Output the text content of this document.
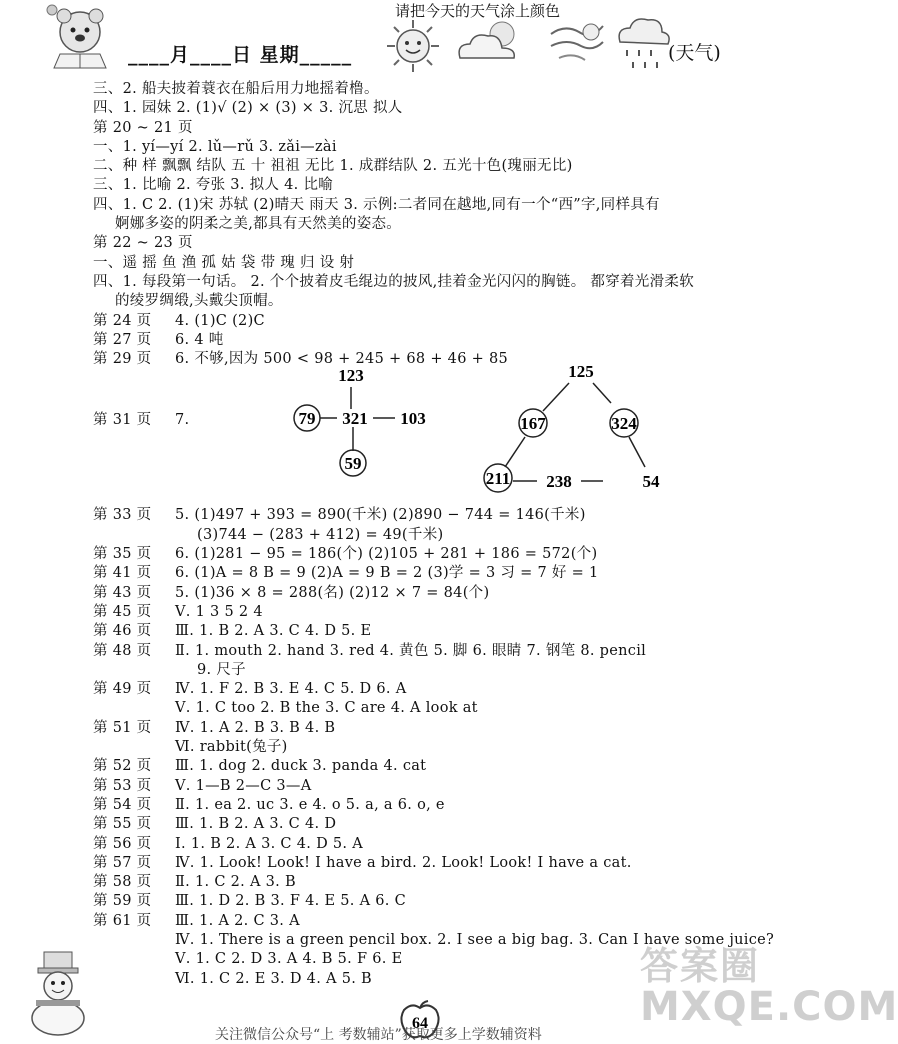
请把今天的天气涂上颜色
____月____日 星期_____	(天气)
三、2. 船夫披着蓑衣在船后用力地摇着橹。
四、1. 园妹 2. (1)√ (2) × (3) × 3. 沉思 拟人
第 20 ~ 21 页
一、1. yí—yí 2. lǔ—rǔ 3. zǎi—zài
二、种 样 飘飘 结队 五 十 祖祖 无比 1. 成群结队 2. 五光十色(瑰丽无比)
三、1. 比喻 2. 夸张 3. 拟人 4. 比喻
四、1. C 2. (1)宋 苏轼 (2)晴天 雨天 3. 示例:二者同在越地,同有一个“西”字,同样具有
婀娜多姿的阴柔之美,都具有天然美的姿态。
第 22 ~ 23 页
一、遥 摇 鱼 渔 孤 姑 袋 带 瑰 归 设 射
四、1. 每段第一句话。 2. 个个披着皮毛绲边的披风,挂着金光闪闪的胸链。 都穿着光滑柔软
的绫罗绸缎,头戴尖顶帽。
第 24 页 4. (1)C (2)C
第 27 页 6. 4 吨
第 29 页 6. 不够,因为 500 < 98 + 245 + 68 + 46 + 85
第 31 页	7.
123
79 321 103
59
125
167
211 238
324
54
第 33 页 5. (1)497 + 393 = 890(千米) (2)890 − 744 = 146(千米)
(3)744 − (283 + 412) = 49(千米)
第 35 页 6. (1)281 − 95 = 186(个) (2)105 + 281 + 186 = 572(个)
第 41 页 6. (1)A = 8 B = 9 (2)A = 9 B = 2 (3)学 = 3 习 = 7 好 = 1
第 43 页 5. (1)36 × 8 = 288(名) (2)12 × 7 = 84(个)
第 45 页 Ⅴ. 1 3 5 2 4
第 46 页 Ⅲ. 1. B 2. A 3. C 4. D 5. E
第 48 页 Ⅱ. 1. mouth 2. hand 3. red 4. 黄色 5. 脚 6. 眼睛 7. 钢笔 8. pencil
9. 尺子
第 49 页 Ⅳ. 1. F 2. B 3. E 4. C 5. D 6. A
Ⅴ. 1. C too 2. B the 3. C are 4. A look at
第 51 页 Ⅳ. 1. A 2. B 3. B 4. B
Ⅵ. rabbit(兔子)
第 52 页 Ⅲ. 1. dog 2. duck 3. panda 4. cat
第 53 页 Ⅴ. 1—B 2—C 3—A
第 54 页 Ⅱ. 1. ea 2. uc 3. e 4. o 5. a, a 6. o, e
第 55 页 Ⅲ. 1. B 2. A 3. C 4. D
第 56 页 Ⅰ. 1. B 2. A 3. C 4. D 5. A
第 57 页 Ⅳ. 1. Look! Look! I have a bird. 2. Look! Look! I have a cat.
第 58 页 Ⅱ. 1. C 2. A 3. B
第 59 页 Ⅲ. 1. D 2. B 3. F 4. E 5. A 6. C
第 61 页 Ⅲ. 1. A 2. C 3. A
Ⅳ. 1. There is a green pencil box. 2. I see a big bag. 3. Can I have some juice?
Ⅴ. 1. C 2. D 3. A 4. B 5. F 6. E
Ⅵ. 1. C 2. E 3. D 4. A 5. B
64
答案圈
MXQE.COM
关注微信公众号“上 考数辅站”获取更多上学数辅资料
